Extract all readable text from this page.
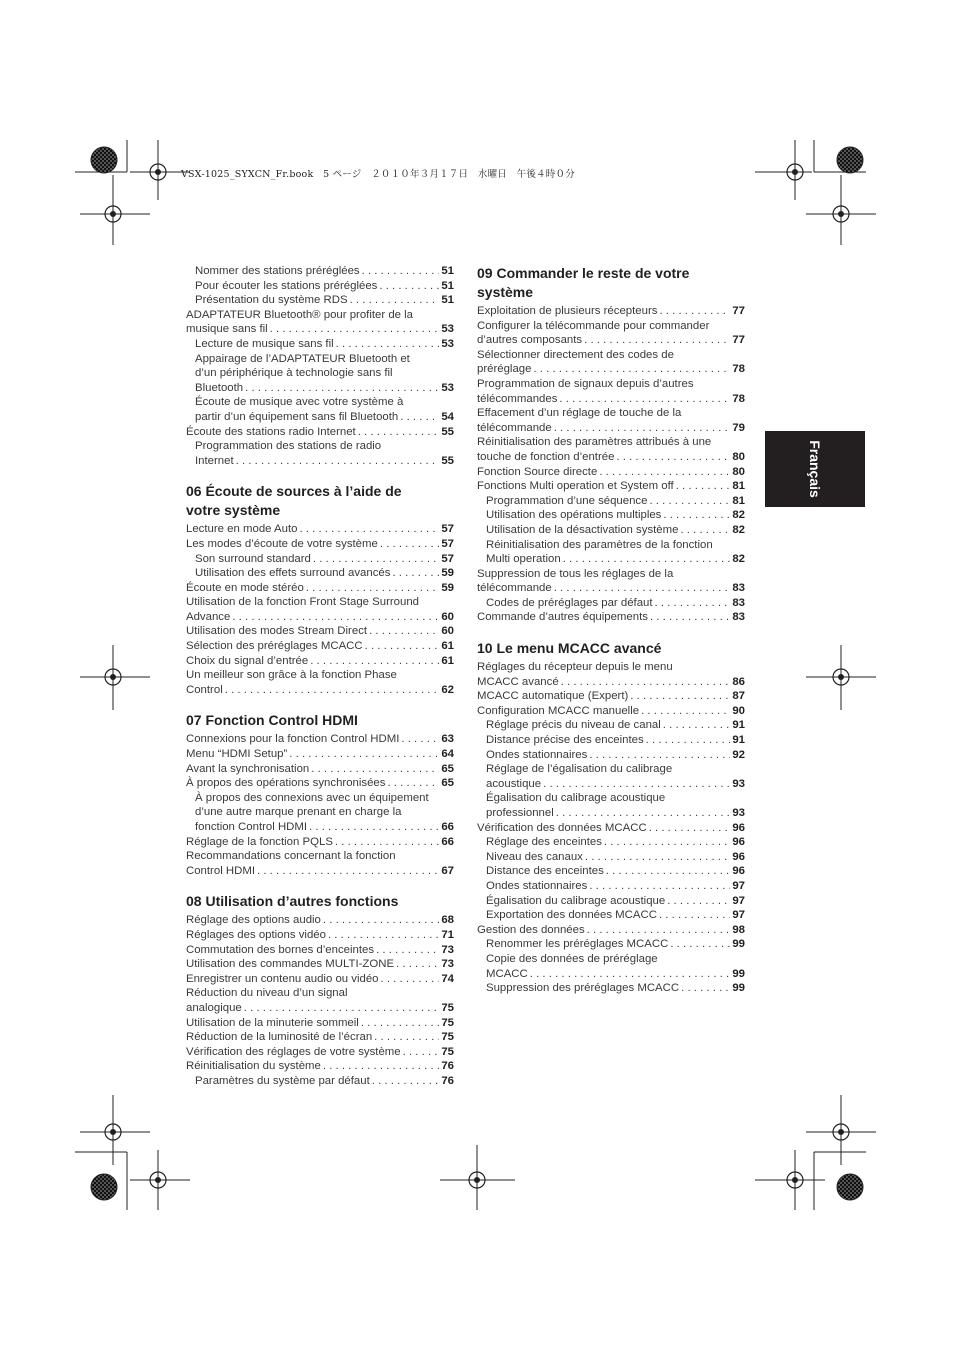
VSX-1025_SYXCN_Fr.book　5 ページ　２０１０年３月１７日　水曜日　午後４時０分
Français
Nommer des stations préréglées . . .	51
Pour écouter les stations préréglées . . .	51
Présentation du système RDS . . .	51
ADAPTATEUR Bluetooth® pour profiter de la
musique sans fil . . .	53
Lecture de musique sans fil . . .	53
Appairage de l’ADAPTATEUR Bluetooth et
d’un périphérique à technologie sans fil
Bluetooth . . .	53
Écoute de musique avec votre système à
partir d’un équipement sans fil Bluetooth . . .	54
Écoute des stations radio Internet . . .	55
Programmation des stations de radio
Internet . . .	55
06 Écoute de sources à l’aide de
votre système
Lecture en mode Auto . . .	57
Les modes d’écoute de votre système . . .	57
Son surround standard . . .	57
Utilisation des effets surround avancés . . .	59
Écoute en mode stéréo . . .	59
Utilisation de la fonction Front Stage Surround
Advance . . .	60
Utilisation des modes Stream Direct . . .	60
Sélection des préréglages MCACC . . .	61
Choix du signal d’entrée . . .	61
Un meilleur son grâce à la fonction Phase
Control . . .	62
07 Fonction Control HDMI
Connexions pour la fonction Control HDMI . . .	63
Menu “HDMI Setup” . . .	64
Avant la synchronisation . . .	65
À propos des opérations synchronisées . . .	65
À propos des connexions avec un équipement
d’une autre marque prenant en charge la
fonction Control HDMI . . .	66
Réglage de la fonction PQLS . . .	66
Recommandations concernant la fonction
Control HDMI . . .	67
08 Utilisation d’autres fonctions
Réglage des options audio . . .	68
Réglages des options vidéo . . .	71
Commutation des bornes d’enceintes . . .	73
Utilisation des commandes MULTI-ZONE . . .	73
Enregistrer un contenu audio ou vidéo . . .	74
Réduction du niveau d’un signal
analogique . . .	75
Utilisation de la minuterie sommeil . . .	75
Réduction de la luminosité de l’écran . . .	75
Vérification des réglages de votre système . . .	75
Réinitialisation du système . . .	76
Paramètres du système par défaut . . .	76
09 Commander le reste de votre
système
Exploitation de plusieurs récepteurs . . .	77
Configurer la télécommande pour commander
d’autres composants . . .	77
Sélectionner directement des codes de
préréglage . . .	78
Programmation de signaux depuis d’autres
télécommandes . . .	78
Effacement d’un réglage de touche de la
télécommande . . .	79
Réinitialisation des paramètres attribués à une
touche de fonction d’entrée . . .	80
Fonction Source directe . . .	80
Fonctions Multi operation et System off . . .	81
Programmation d’une séquence . . .	81
Utilisation des opérations multiples . . .	82
Utilisation de la désactivation système . . .	82
Réinitialisation des paramètres de la fonction
Multi operation . . .	82
Suppression de tous les réglages de la
télécommande . . .	83
Codes de préréglages par défaut . . .	83
Commande d’autres équipements . . .	83
10 Le menu MCACC avancé
Réglages du récepteur depuis le menu
MCACC avancé . . .	86
MCACC automatique (Expert) . . .	87
Configuration MCACC manuelle . . .	90
Réglage précis du niveau de canal . . .	91
Distance précise des enceintes . . .	91
Ondes stationnaires . . .	92
Réglage de l’égalisation du calibrage
acoustique . . .	93
Égalisation du calibrage acoustique
professionnel . . .	93
Vérification des données MCACC . . .	96
Réglage des enceintes . . .	96
Niveau des canaux . . .	96
Distance des enceintes . . .	96
Ondes stationnaires . . .	97
Égalisation du calibrage acoustique . . .	97
Exportation des données MCACC . . .	97
Gestion des données . . .	98
Renommer les préréglages MCACC . . .	99
Copie des données de préréglage
MCACC . . .	99
Suppression des préréglages MCACC . . .	99
